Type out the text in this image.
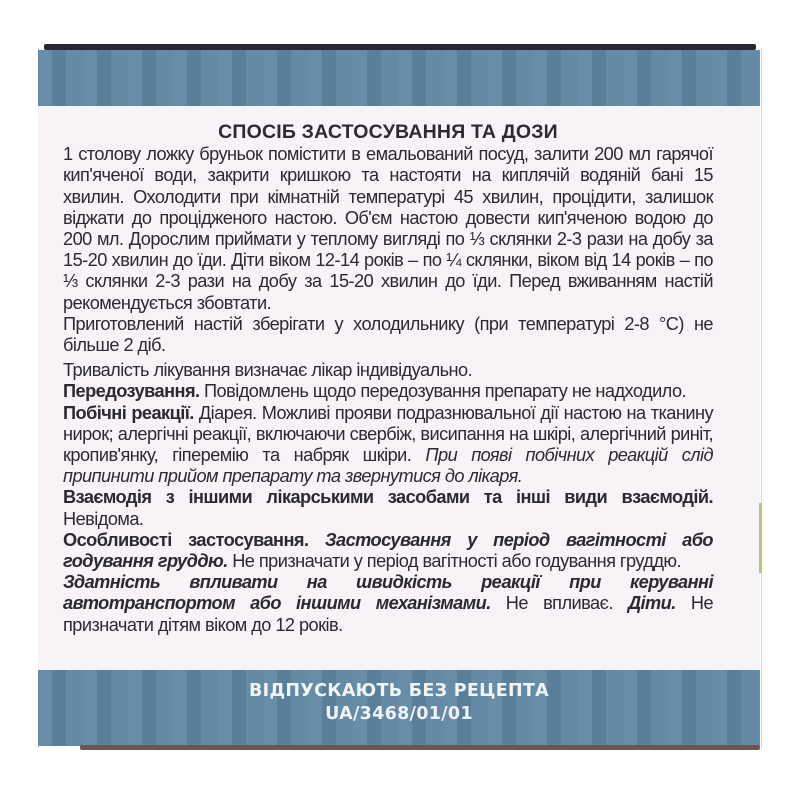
СПОСІБ ЗАСТОСУВАННЯ ТА ДОЗИ

1 столову ложку бруньок помістити в емальований посуд, залити 200 мл гарячої кип'яченої води, закрити кришкою та настояти на киплячій водяній бані 15 хвилин. Охолодити при кімнатній температурі 45 хвилин, процідити, залишок віджати до процідженого настою. Об'єм настою довести кип'яченою водою до 200 мл. Дорослим приймати у теплому вигляді по ⅓ склянки 2-3 рази на добу за 15-20 хвилин до їди. Діти віком 12-14 років – по ¼ склянки, віком від 14 років – по ⅓ склянки 2-3 рази на добу за 15-20 хвилин до їди. Перед вживанням настій рекомендується збовтати.

Приготовлений настій зберігати у холодильнику (при температурі 2-8 °С) не більше 2 діб.

Тривалість лікування визначає лікар індивідуально.

Передозування. Повідомлень щодо передозування препарату не надходило.

Побічні реакції. Діарея. Можливі прояви подразнювальної дії настою на тканину нирок; алергічні реакції, включаючи свербіж, висипання на шкірі, алергічний риніт, кропив'янку, гіперемію та набряк шкіри. При появі побічних реакцій слід припинити прийом препарату та звернутися до лікаря.

Взаємодія з іншими лікарськими засобами та інші види взаємодій. Невідома.

Особливості застосування. Застосування у період вагітності або годування груддю. Не призначати у період вагітності або годування груддю.

Здатність впливати на швидкість реакції при керуванні автотранспортом або іншими механізмами. Не впливає. Діти. Не призначати дітям віком до 12 років.

ВІДПУСКАЮТЬ БЕЗ РЕЦЕПТА
UA/3468/01/01
